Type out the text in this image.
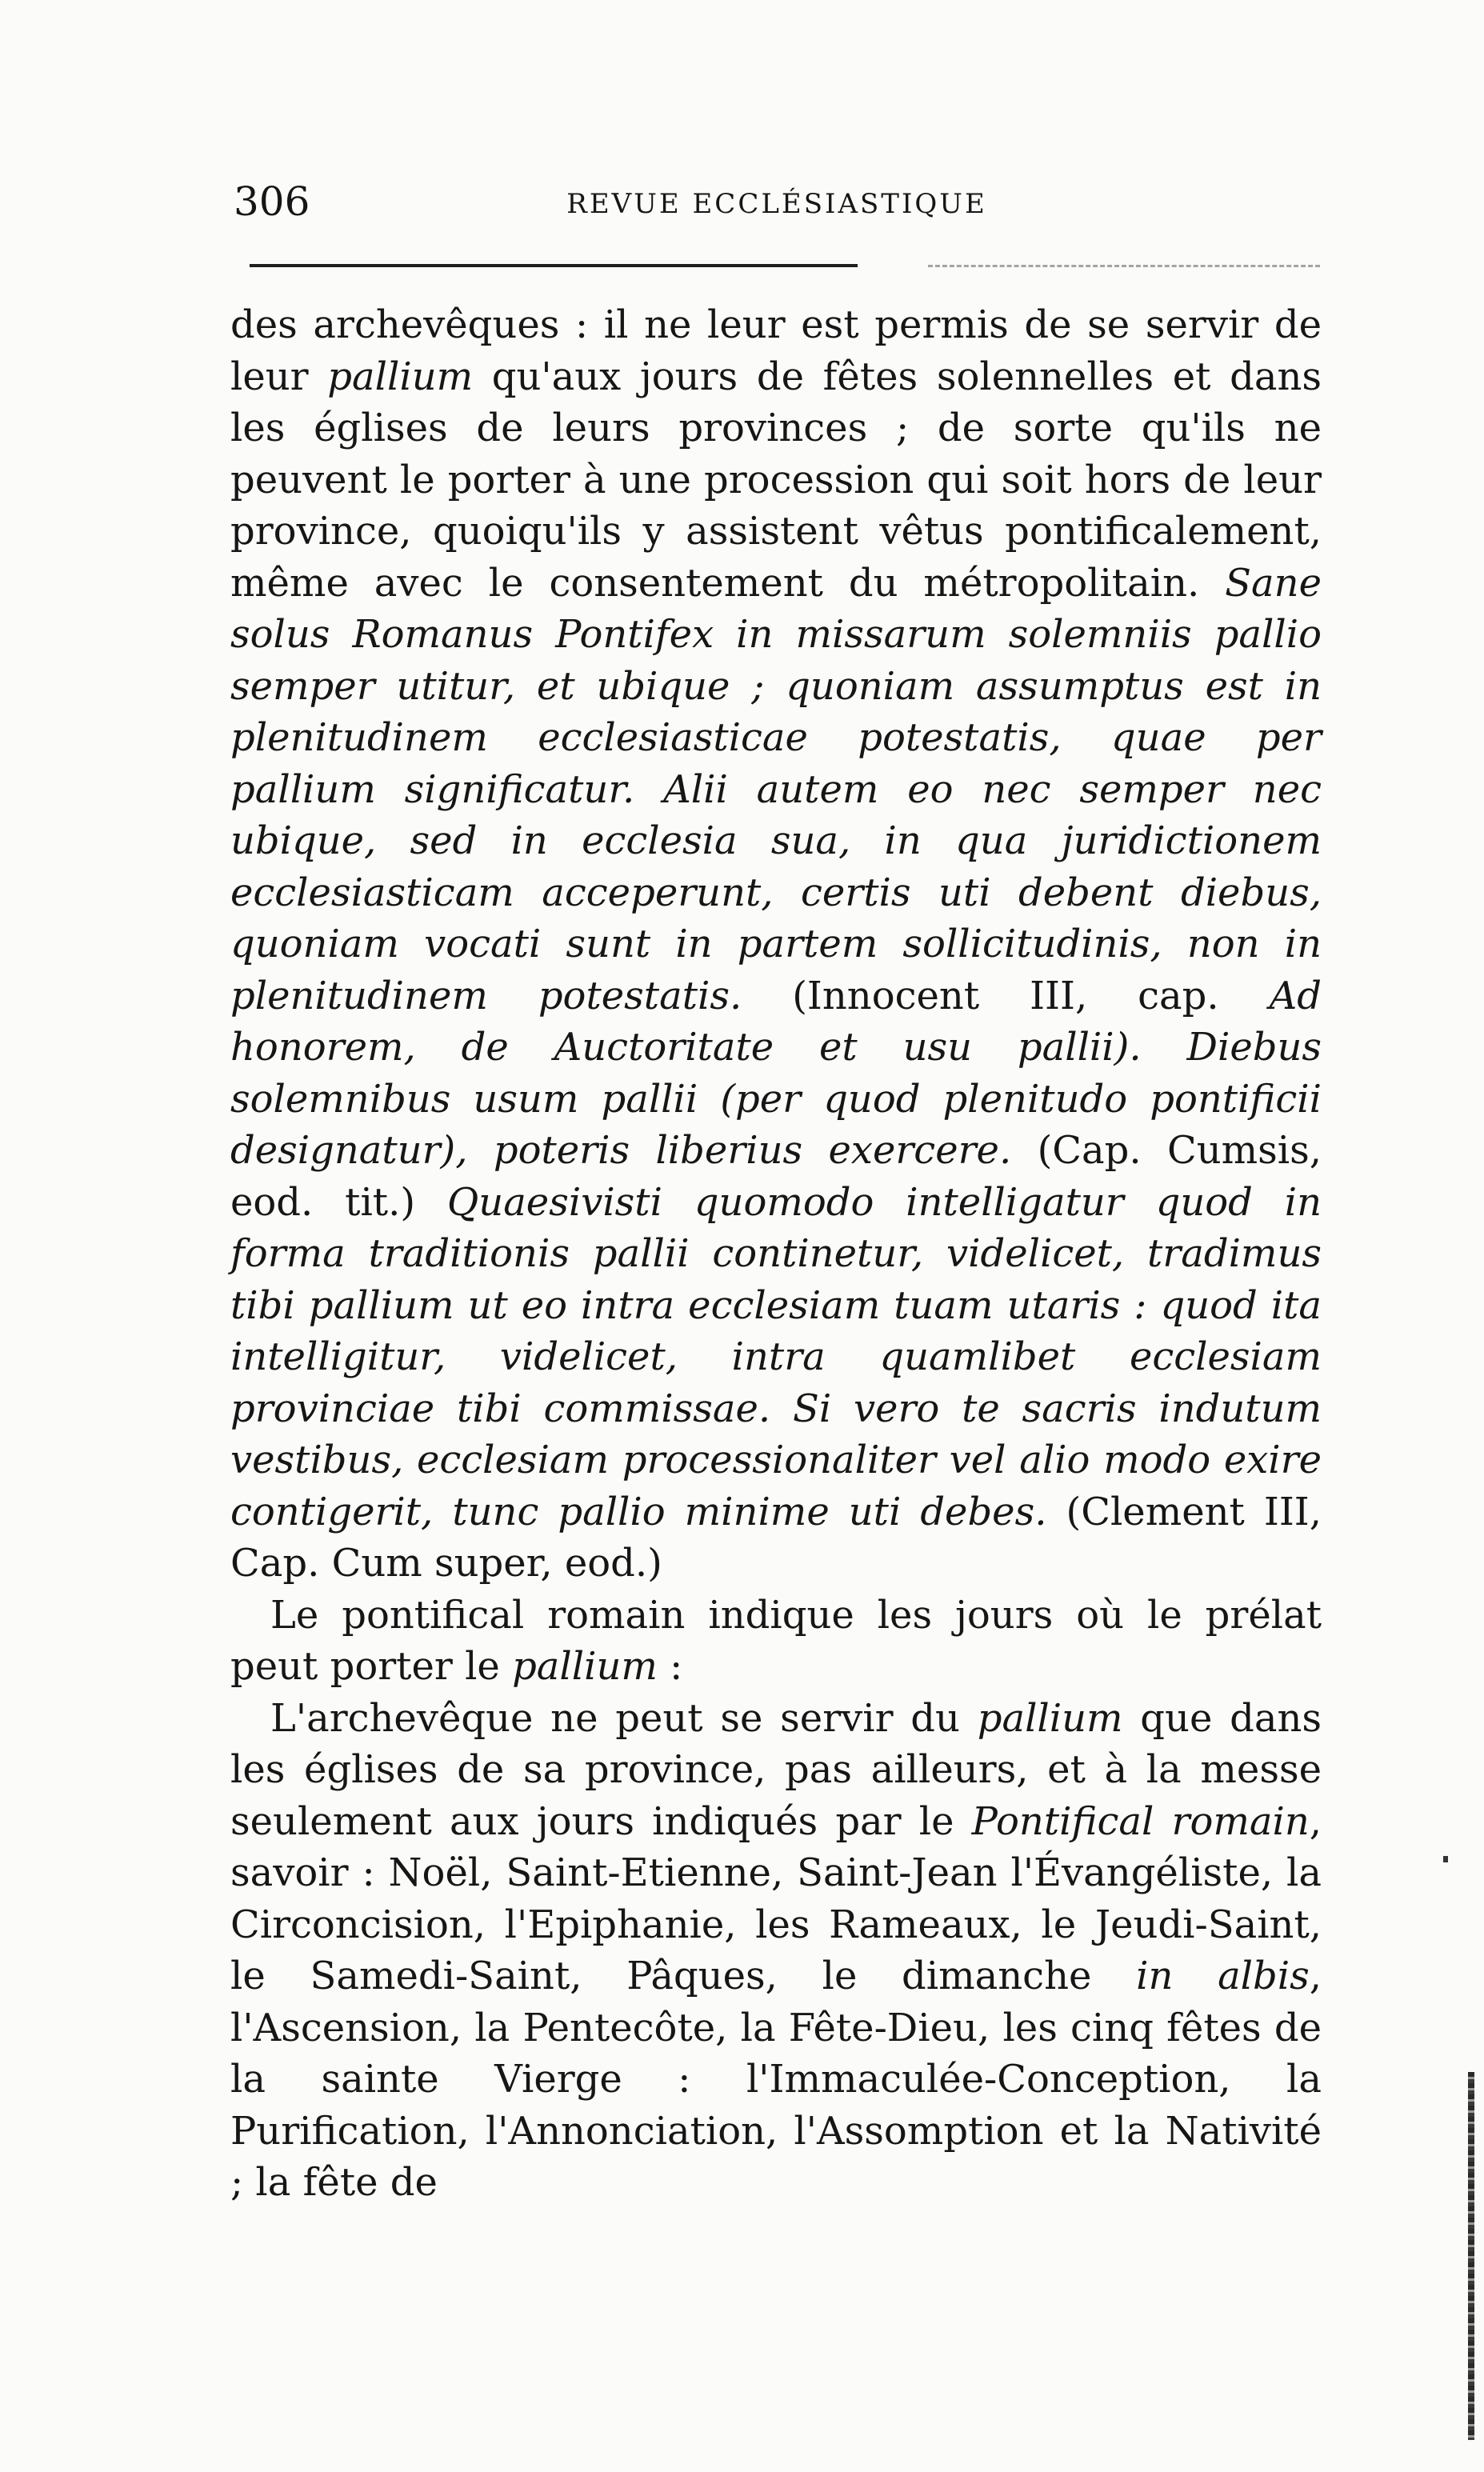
306	REVUE ECCLÉSIASTIQUE

des archevêques : il ne leur est permis de se servir de leur pallium qu'aux jours de fêtes solennelles et dans les églises de leurs provinces ; de sorte qu'ils ne peuvent le porter à une procession qui soit hors de leur province, quoiqu'ils y assistent vêtus pontificalement, même avec le consentement du métropolitain. Sane solus Romanus Pontifex in missarum solemniis pallio semper utitur, et ubique ; quoniam assumptus est in plenitudinem ecclesiasticae potestatis, quae per pallium significatur. Alii autem eo nec semper nec ubique, sed in ecclesia sua, in qua juridictionem ecclesiasticam acceperunt, certis uti debent diebus, quoniam vocati sunt in partem sollicitudinis, non in plenitudinem potestatis. (Innocent III, cap. Ad honorem, de Auctoritate et usu pallii). Diebus solemnibus usum pallii (per quod plenitudo pontificii designatur), poteris liberius exercere. (Cap. Cumsis, eod. tit.) Quaesivisti quomodo intelligatur quod in forma traditionis pallii continetur, videlicet, tradimus tibi pallium ut eo intra ecclesiam tuam utaris : quod ita intelligitur, videlicet, intra quamlibet ecclesiam provinciae tibi commissae. Si vero te sacris indutum vestibus, ecclesiam processionaliter vel alio modo exire contigerit, tunc pallio minime uti debes. (Clement III, Cap. Cum super, eod.)

Le pontifical romain indique les jours où le prélat peut porter le pallium :

L'archevêque ne peut se servir du pallium que dans les églises de sa province, pas ailleurs, et à la messe seulement aux jours indiqués par le Pontifical romain, savoir : Noël, Saint-Etienne, Saint-Jean l'Évangéliste, la Circoncision, l'Epiphanie, les Rameaux, le Jeudi-Saint, le Samedi-Saint, Pâques, le dimanche in albis, l'Ascension, la Pentecôte, la Fête-Dieu, les cinq fêtes de la sainte Vierge : l'Immaculée-Conception, la Purification, l'Annonciation, l'Assomption et la Nativité ; la fête de
